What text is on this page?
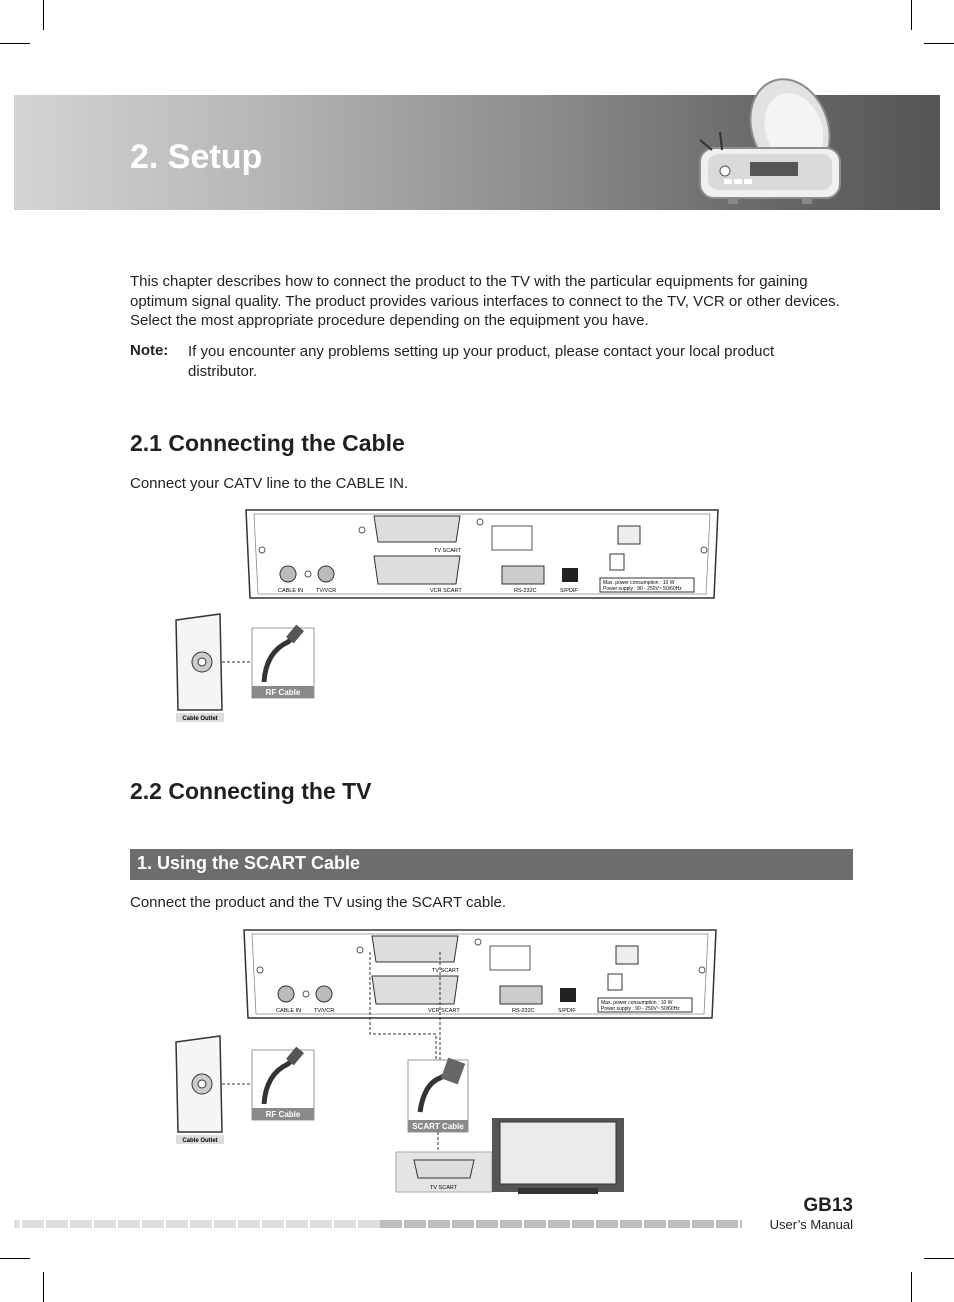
2. Setup
This chapter describes how to connect the product to the TV with the particular equipments for gaining
optimum signal quality. The product provides various interfaces to connect to the TV, VCR or other devices.
Select the most appropriate procedure depending on the equipment you have.
Note: If you encounter any problems setting up your product, please contact your local product
distributor.
2.1 Connecting the Cable
Connect your CATV line to the CABLE IN.
TV SCART
VCR SCART
CABLE IN TV/VCR	RS-232C	S/PDIF
Max. power consumption : 10 W
Power supply : 90 - 250V~ 50/60Hz
RF Cable
Cable Outlet
2.2 Connecting the TV
1. Using the SCART Cable
Connect the product and the TV using the SCART cable.
TV SCART
VCR SCART
CABLE IN TV/VCR	RS-232C	S/PDIF
Max. power consumption : 10 W
Power supply : 90 - 250V~ 50/60Hz
RF Cable
Cable Outlet
SCART Cable
TV SCART
GB13
User’s Manual
